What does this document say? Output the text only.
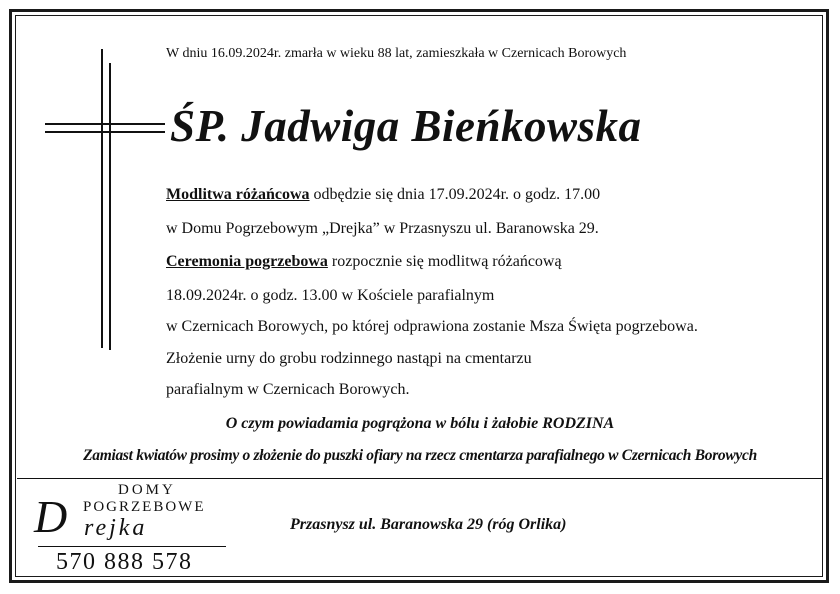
W dniu 16.09.2024r. zmarła w wieku 88 lat, zamieszkała w Czernicach Borowych
ŚP. Jadwiga Bieńkowska
Modlitwa różańcowa odbędzie się dnia 17.09.2024r. o godz. 17.00
w Domu Pogrzebowym „Drejka” w Przasnyszu ul. Baranowska 29.
Ceremonia pogrzebowa rozpocznie się modlitwą różańcową
18.09.2024r. o godz. 13.00 w Kościele parafialnym
w Czernicach Borowych, po której odprawiona zostanie Msza Święta pogrzebowa.
Złożenie urny do grobu rodzinnego nastąpi na cmentarzu
parafialnym w Czernicach Borowych.
O czym powiadamia pogrążona w bólu i żałobie RODZINA
Zamiast kwiatów prosimy o złożenie do puszki ofiary na rzecz cmentarza parafialnego w Czernicach Borowych
DOMY
POGRZEBOWE
D rejka
570 888 578
Przasnysz ul. Baranowska 29 (róg Orlika)
